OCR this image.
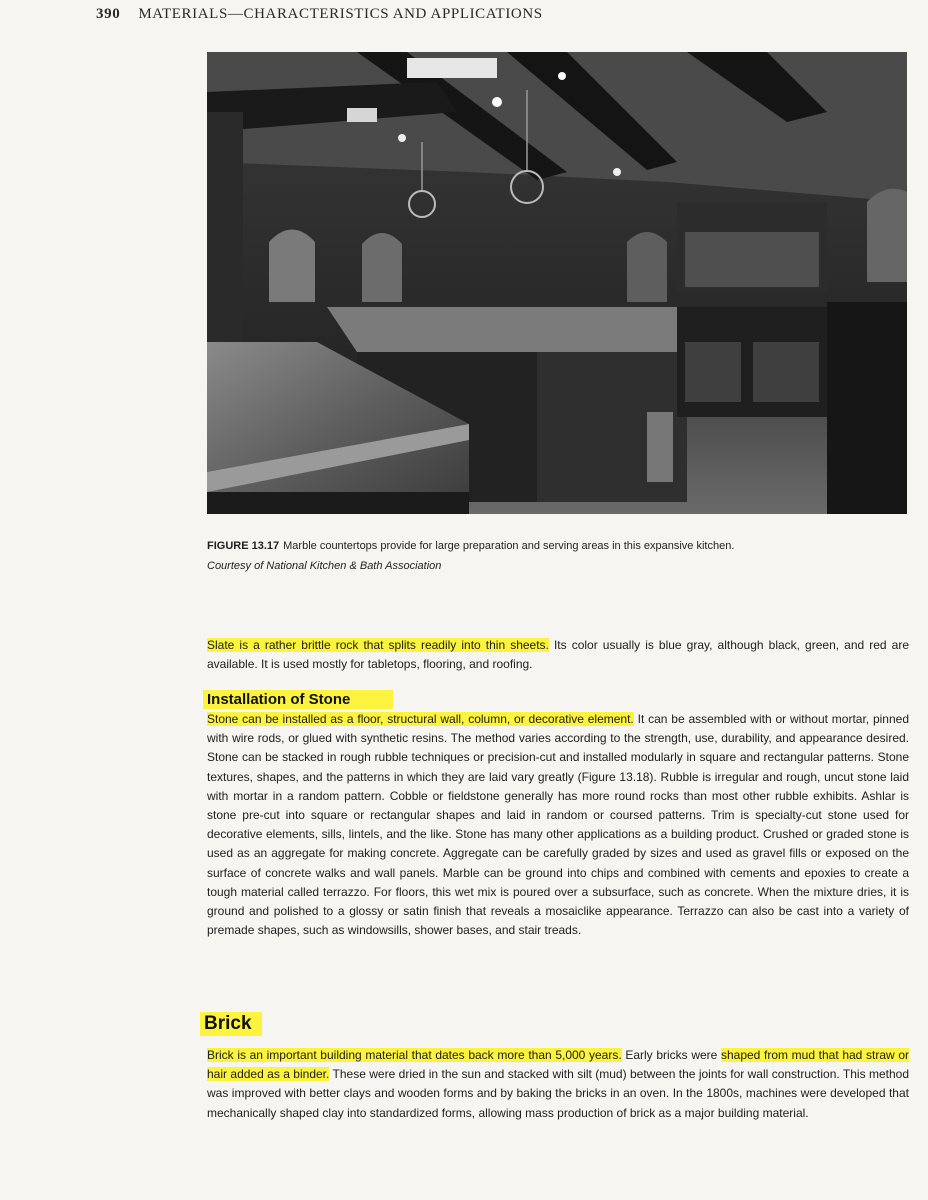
390 MATERIALS—CHARACTERISTICS AND APPLICATIONS
FIGURE 13.17 Marble countertops provide for large preparation and serving areas in this expansive kitchen.
Courtesy of National Kitchen & Bath Association
Slate is a rather brittle rock that splits readily into thin sheets. Its color usually is blue gray, although black, green, and red are available. It is used mostly for tabletops, flooring, and roofing.
Installation of Stone
Stone can be installed as a floor, structural wall, column, or decorative element. It can be assembled with or without mortar, pinned with wire rods, or glued with synthetic resins. The method varies according to the strength, use, durability, and appearance desired. Stone can be stacked in rough rubble techniques or precision-cut and installed modularly in square and rectangular patterns. Stone textures, shapes, and the patterns in which they are laid vary greatly (Figure 13.18). Rubble is irregular and rough, uncut stone laid with mortar in a random pattern. Cobble or fieldstone generally has more round rocks than most other rubble exhibits. Ashlar is stone pre-cut into square or rectangular shapes and laid in random or coursed patterns. Trim is specialty-cut stone used for decorative elements, sills, lintels, and the like. Stone has many other applications as a building product. Crushed or graded stone is used as an aggregate for making concrete. Aggregate can be carefully graded by sizes and used as gravel fills or exposed on the surface of concrete walks and wall panels. Marble can be ground into chips and combined with cements and epoxies to create a tough material called terrazzo. For floors, this wet mix is poured over a subsurface, such as concrete. When the mixture dries, it is ground and polished to a glossy or satin finish that reveals a mosaiclike appearance. Terrazzo can also be cast into a variety of premade shapes, such as windowsills, shower bases, and stair treads.
Brick
Brick is an important building material that dates back more than 5,000 years. Early bricks were shaped from mud that had straw or hair added as a binder. These were dried in the sun and stacked with silt (mud) between the joints for wall construction. This method was improved with better clays and wooden forms and by baking the bricks in an oven. In the 1800s, machines were developed that mechanically shaped clay into standardized forms, allowing mass production of brick as a major building material.
